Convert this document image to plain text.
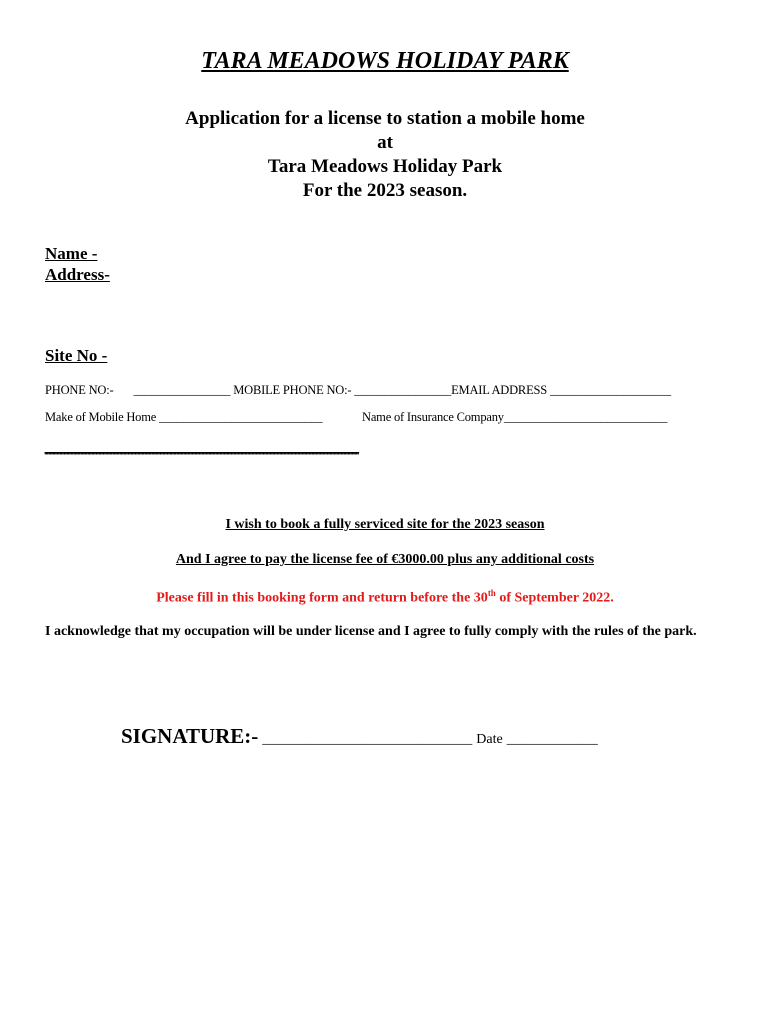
TARA MEADOWS HOLIDAY PARK
Application for a license to station a mobile home
at
Tara Meadows Holiday Park
For the 2023 season.
Name -
Address-
Site No -
PHONE NO:- ________________ MOBILE PHONE NO:- ________________EMAIL ADDRESS ____________________
Make of Mobile Home ___________________________	Name of Insurance Company___________________________
''''''''''''''''''''''''''''''''''''''''''''''''''''''''''''''''''''''''''''''''''''''''''''''''''''''''''''''''''''''''''''''''''''''''''''''''''''''''''''''''''''''''''''''''''''''''''''''''''''''''''''''''''''''''''''''''''''''''''''''''''''''''''''''''''''''''''''''''''''''''''''''''''''''''''''''''''''''''''''''''''''''''''''''''''''''''''''''''''''''''''''''''''''''''''''''''''''''''''''''''''''''''''''''''''''''''''''''''''''''''''''''''''''''''''''''''''''''''''''''''''''''''''''''''''''''''''''''''''''''''''''''''''''''''''''
I wish to book a fully serviced site for the 2023 season
And I agree to pay the license fee of €3000.00 plus any additional costs
Please fill in this booking form and return before the 30th of September 2022.
I acknowledge that my occupation will be under license and I agree to fully comply with the rules of the park.
SIGNATURE:- ______________________________ Date _____________
